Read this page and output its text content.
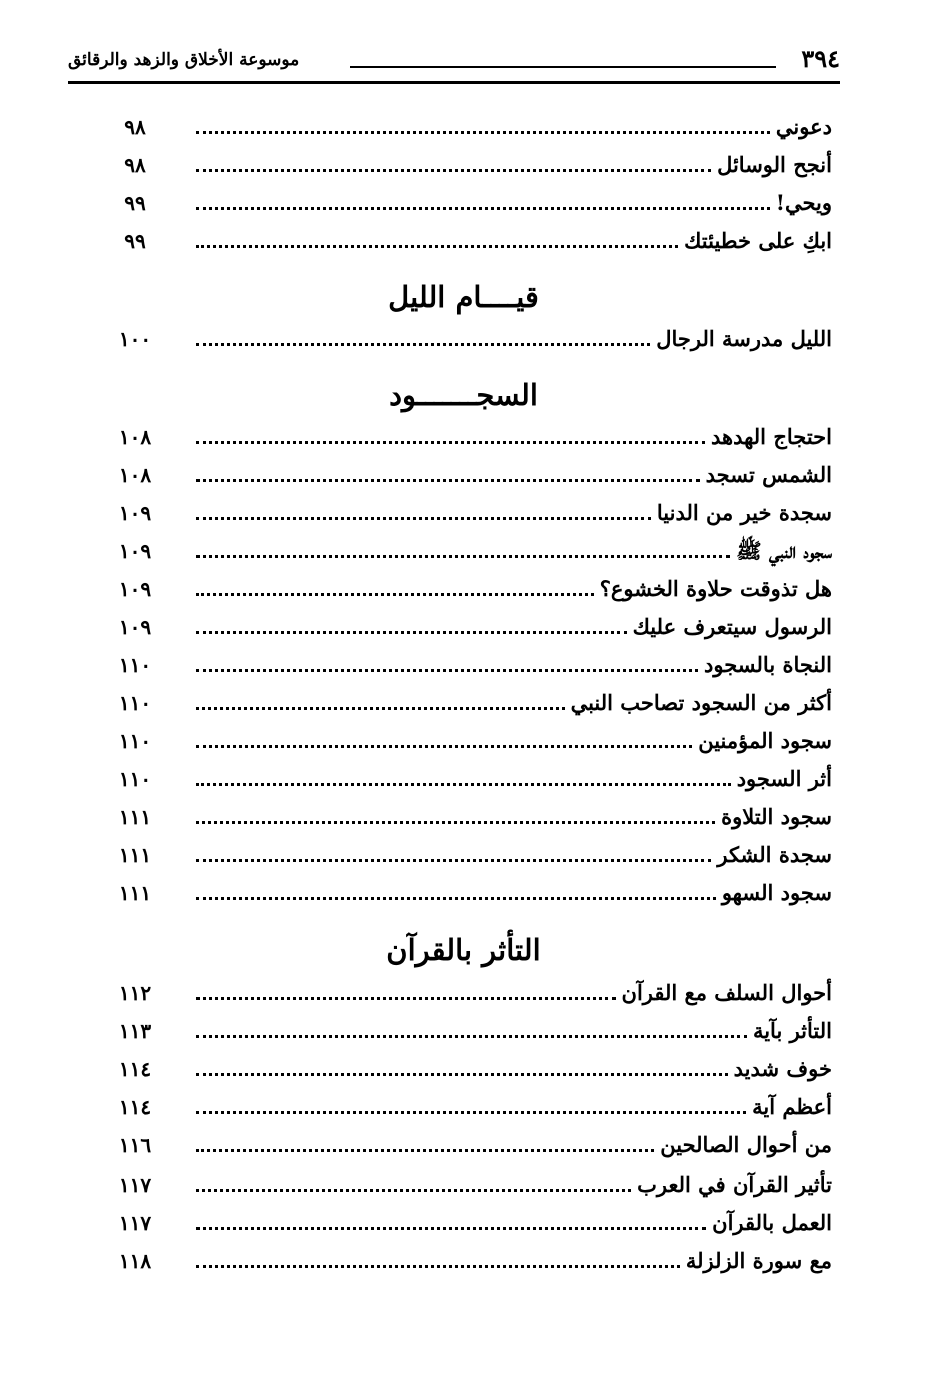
٣٩٤
موسوعة الأخلاق والزهد والرقائق
دعوني
٩٨
أنجح الوسائل
٩٨
ويحي!
٩٩
ابكِ على خطيئتك
٩٩
قيــــام الليل
الليل مدرسة الرجال
١٠٠
السجـــــــود
احتجاج الهدهد
١٠٨
الشمس تسجد
١٠٨
سجدة خير من الدنيا
١٠٩
سجود النبي ﷺ
١٠٩
هل تذوقت حلاوة الخشوع؟
١٠٩
الرسول سيتعرف عليك
١٠٩
النجاة بالسجود
١١٠
أكثر من السجود تصاحب النبي
١١٠
سجود المؤمنين
١١٠
أثر السجود
١١٠
سجود التلاوة
١١١
سجدة الشكر
١١١
سجود السهو
١١١
التأثر بالقرآن
أحوال السلف مع القرآن
١١٢
التأثر بآية
١١٣
خوف شديد
١١٤
أعظم آية
١١٤
من أحوال الصالحين
١١٦
تأثير القرآن في العرب
١١٧
العمل بالقرآن
١١٧
مع سورة الزلزلة
١١٨
